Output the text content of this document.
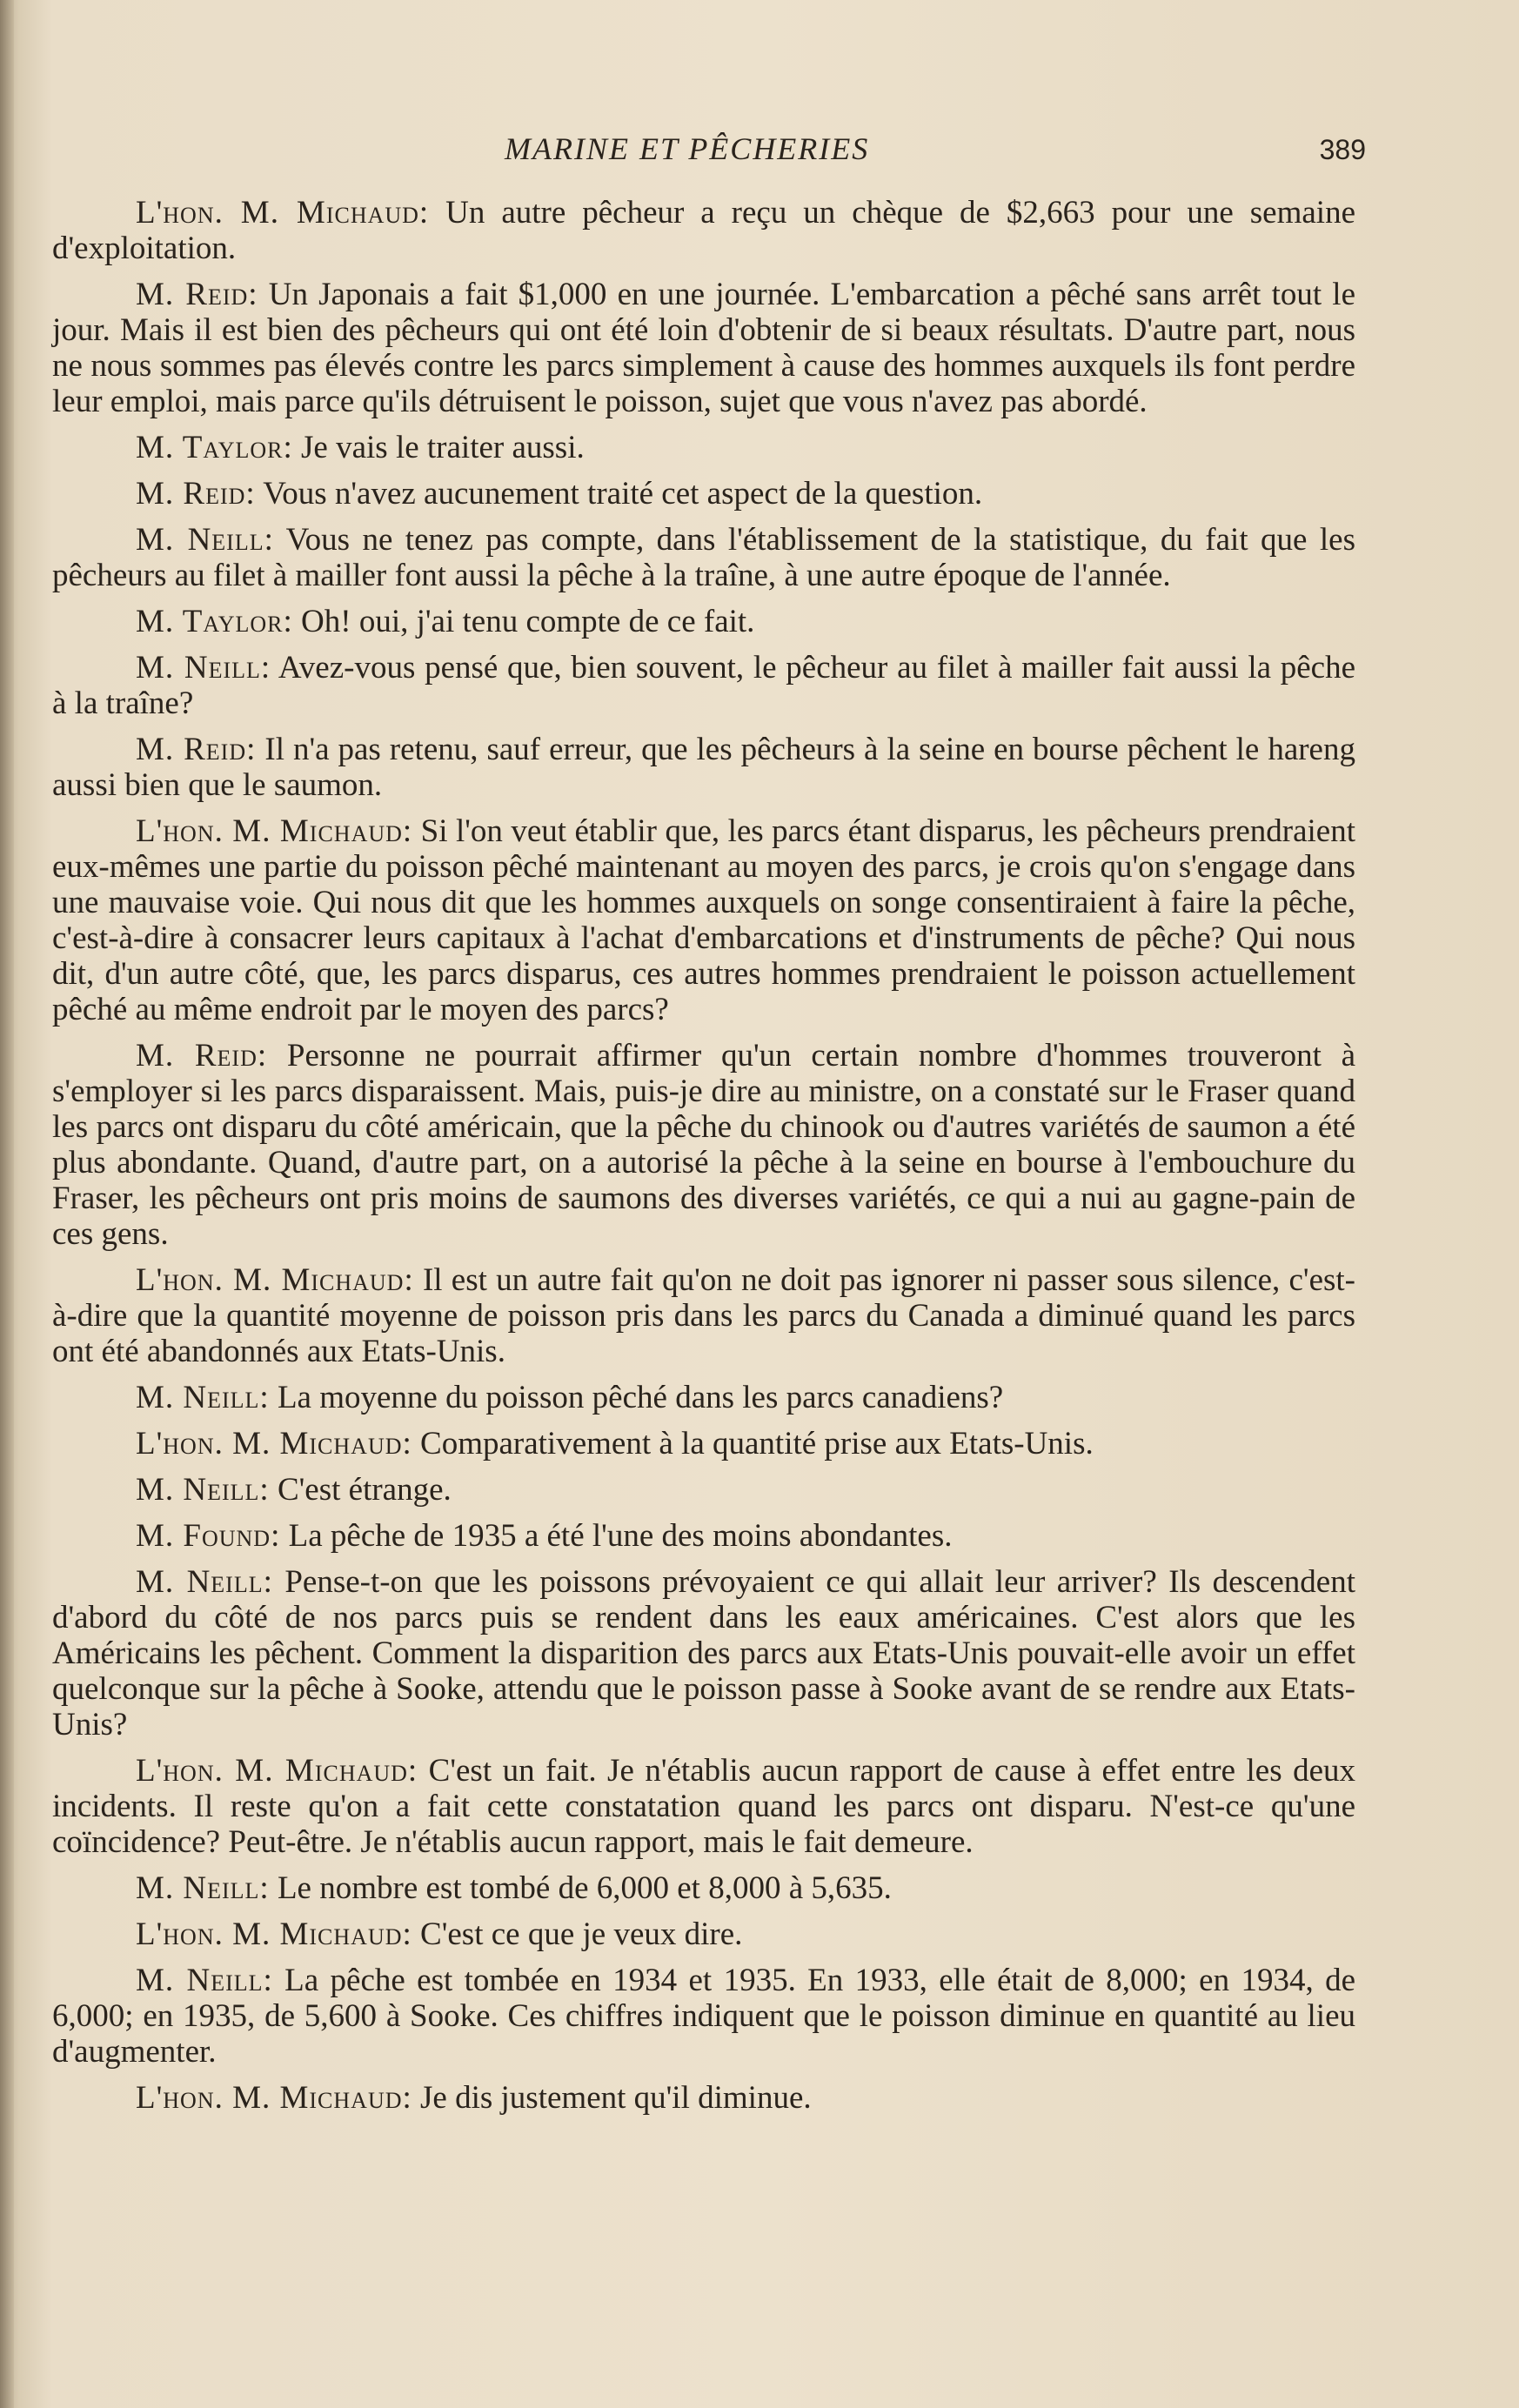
MARINE ET PÊCHERIES	389

L'hon. M. Michaud: Un autre pêcheur a reçu un chèque de $2,663 pour une semaine d'exploitation.

M. Reid: Un Japonais a fait $1,000 en une journée. L'embarcation a pêché sans arrêt tout le jour. Mais il est bien des pêcheurs qui ont été loin d'obtenir de si beaux résultats. D'autre part, nous ne nous sommes pas élevés contre les parcs simplement à cause des hommes auxquels ils font perdre leur emploi, mais parce qu'ils détruisent le poisson, sujet que vous n'avez pas abordé.

M. Taylor: Je vais le traiter aussi.

M. Reid: Vous n'avez aucunement traité cet aspect de la question.

M. Neill: Vous ne tenez pas compte, dans l'établissement de la statistique, du fait que les pêcheurs au filet à mailler font aussi la pêche à la traîne, à une autre époque de l'année.

M. Taylor: Oh! oui, j'ai tenu compte de ce fait.

M. Neill: Avez-vous pensé que, bien souvent, le pêcheur au filet à mailler fait aussi la pêche à la traîne?

M. Reid: Il n'a pas retenu, sauf erreur, que les pêcheurs à la seine en bourse pêchent le hareng aussi bien que le saumon.

L'hon. M. Michaud: Si l'on veut établir que, les parcs étant disparus, les pêcheurs prendraient eux-mêmes une partie du poisson pêché maintenant au moyen des parcs, je crois qu'on s'engage dans une mauvaise voie. Qui nous dit que les hommes auxquels on songe consentiraient à faire la pêche, c'est-à-dire à consacrer leurs capitaux à l'achat d'embarcations et d'instruments de pêche? Qui nous dit, d'un autre côté, que, les parcs disparus, ces autres hommes prendraient le poisson actuellement pêché au même endroit par le moyen des parcs?

M. Reid: Personne ne pourrait affirmer qu'un certain nombre d'hommes trouveront à s'employer si les parcs disparaissent. Mais, puis-je dire au ministre, on a constaté sur le Fraser quand les parcs ont disparu du côté américain, que la pêche du chinook ou d'autres variétés de saumon a été plus abondante. Quand, d'autre part, on a autorisé la pêche à la seine en bourse à l'embouchure du Fraser, les pêcheurs ont pris moins de saumons des diverses variétés, ce qui a nui au gagne-pain de ces gens.

L'hon. M. Michaud: Il est un autre fait qu'on ne doit pas ignorer ni passer sous silence, c'est-à-dire que la quantité moyenne de poisson pris dans les parcs du Canada a diminué quand les parcs ont été abandonnés aux Etats-Unis.

M. Neill: La moyenne du poisson pêché dans les parcs canadiens?

L'hon. M. Michaud: Comparativement à la quantité prise aux Etats-Unis.

M. Neill: C'est étrange.

M. Found: La pêche de 1935 a été l'une des moins abondantes.

M. Neill: Pense-t-on que les poissons prévoyaient ce qui allait leur arriver? Ils descendent d'abord du côté de nos parcs puis se rendent dans les eaux américaines. C'est alors que les Américains les pêchent. Comment la disparition des parcs aux Etats-Unis pouvait-elle avoir un effet quelconque sur la pêche à Sooke, attendu que le poisson passe à Sooke avant de se rendre aux Etats-Unis?

L'hon. M. Michaud: C'est un fait. Je n'établis aucun rapport de cause à effet entre les deux incidents. Il reste qu'on a fait cette constatation quand les parcs ont disparu. N'est-ce qu'une coïncidence? Peut-être. Je n'établis aucun rapport, mais le fait demeure.

M. Neill: Le nombre est tombé de 6,000 et 8,000 à 5,635.

L'hon. M. Michaud: C'est ce que je veux dire.

M. Neill: La pêche est tombée en 1934 et 1935. En 1933, elle était de 8,000; en 1934, de 6,000; en 1935, de 5,600 à Sooke. Ces chiffres indiquent que le poisson diminue en quantité au lieu d'augmenter.

L'hon. M. Michaud: Je dis justement qu'il diminue.
